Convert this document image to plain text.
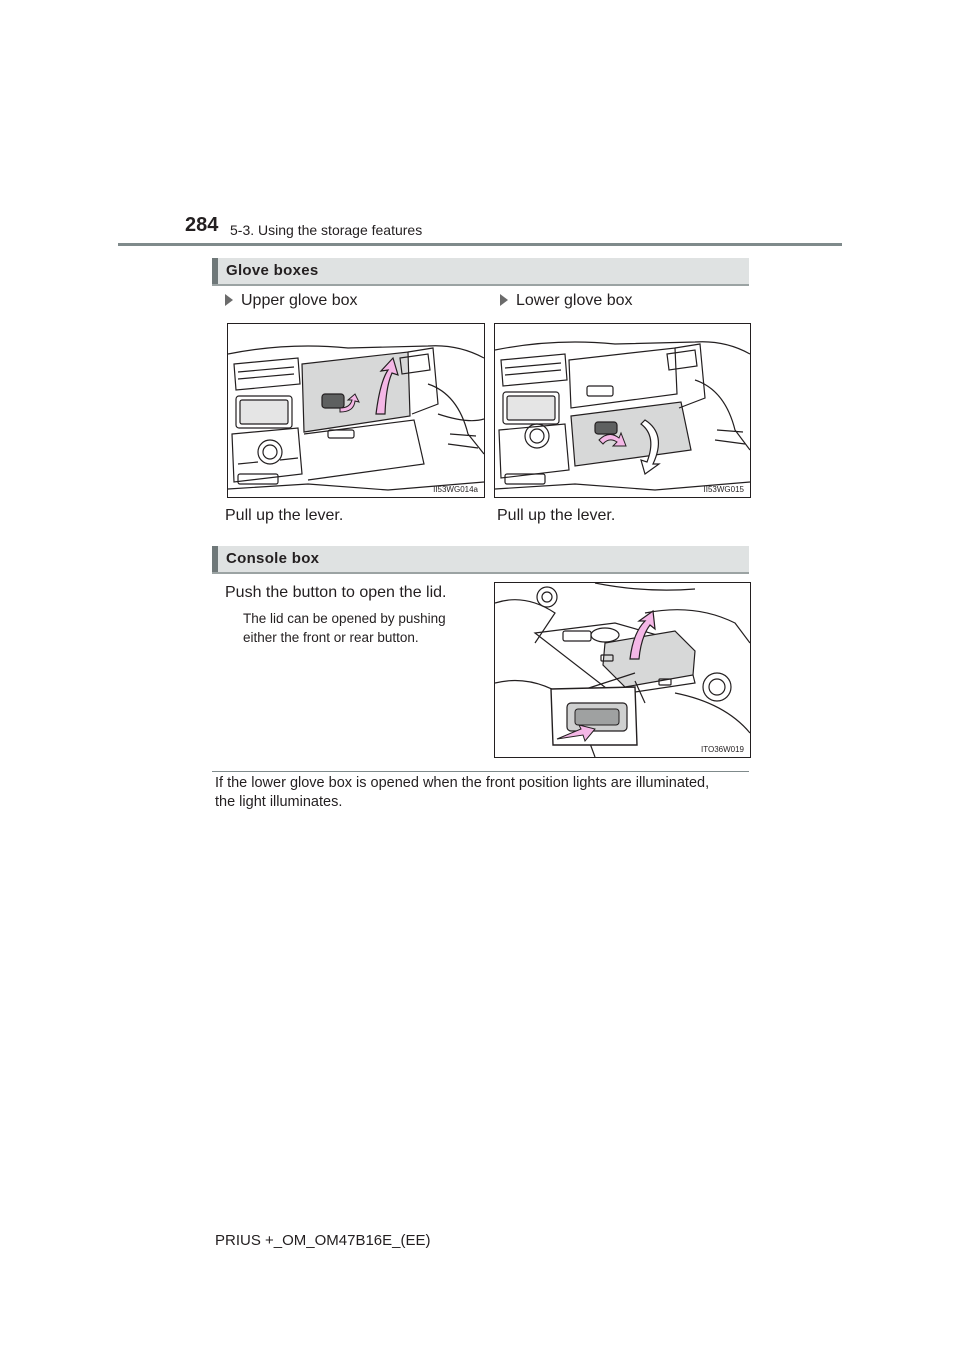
284 5-3. Using the storage features
Glove boxes
Upper glove box	Lower glove box
II53WG014a	II53WG015
Pull up the lever.	Pull up the lever.
Console box
Push the button to open the lid.
The lid can be opened by pushing
either the front or rear button.
ITO36W019
If the lower glove box is opened when the front position lights are illuminated,
the light illuminates.
PRIUS +_OM_OM47B16E_(EE)
